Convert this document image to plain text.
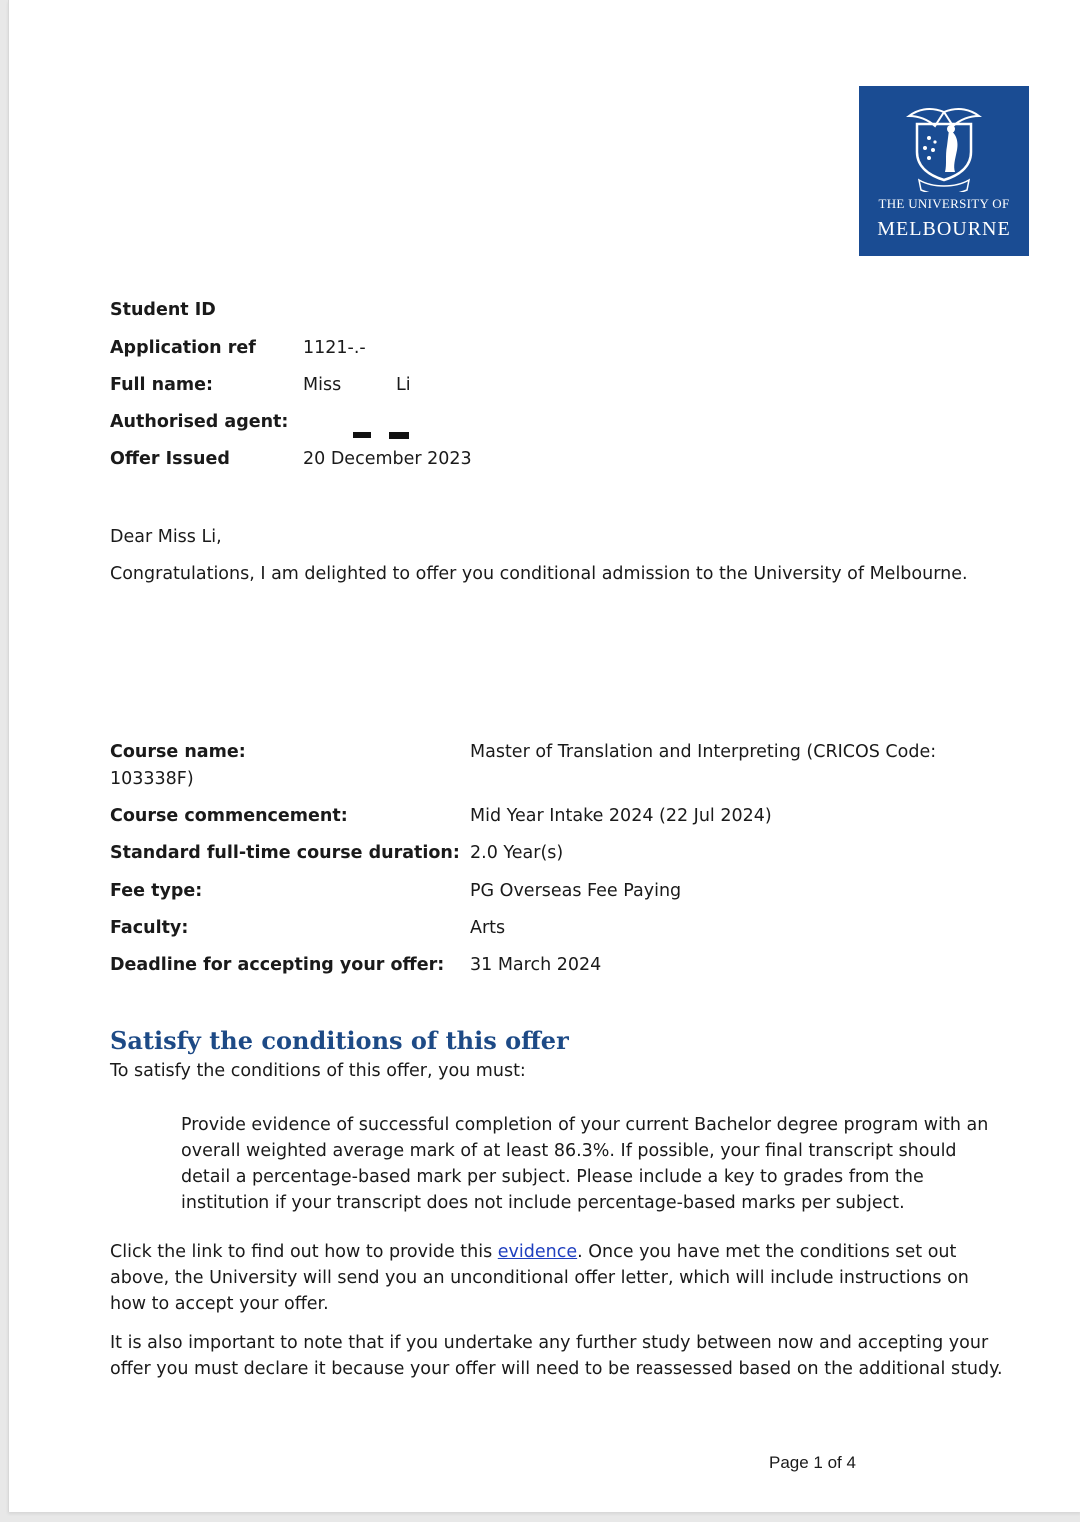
THE UNIVERSITY OF
MELBOURNE
Student ID
Application ref	1121-.-
Full name:	Miss	Li
Authorised agent:
Offer Issued	20 December 2023
Dear Miss Li,
Congratulations, I am delighted to offer you conditional admission to the University of Melbourne.
Course name:	Master of Translation and Interpreting (CRICOS Code:
103338F)
Course commencement:	Mid Year Intake 2024 (22 Jul 2024)
Standard full-time course duration: 2.0 Year(s)
Fee type:	PG Overseas Fee Paying
Faculty:	Arts
Deadline for accepting your offer: 31 March 2024
Satisfy the conditions of this offer
To satisfy the conditions of this offer, you must:
Provide evidence of successful completion of your current Bachelor degree program with an overall weighted average mark of at least 86.3%. If possible, your final transcript should detail a percentage-based mark per subject. Please include a key to grades from the institution if your transcript does not include percentage-based marks per subject.
Click the link to find out how to provide this evidence. Once you have met the conditions set out above, the University will send you an unconditional offer letter, which will include instructions on how to accept your offer.
It is also important to note that if you undertake any further study between now and accepting your offer you must declare it because your offer will need to be reassessed based on the additional study.
Page 1 of 4
